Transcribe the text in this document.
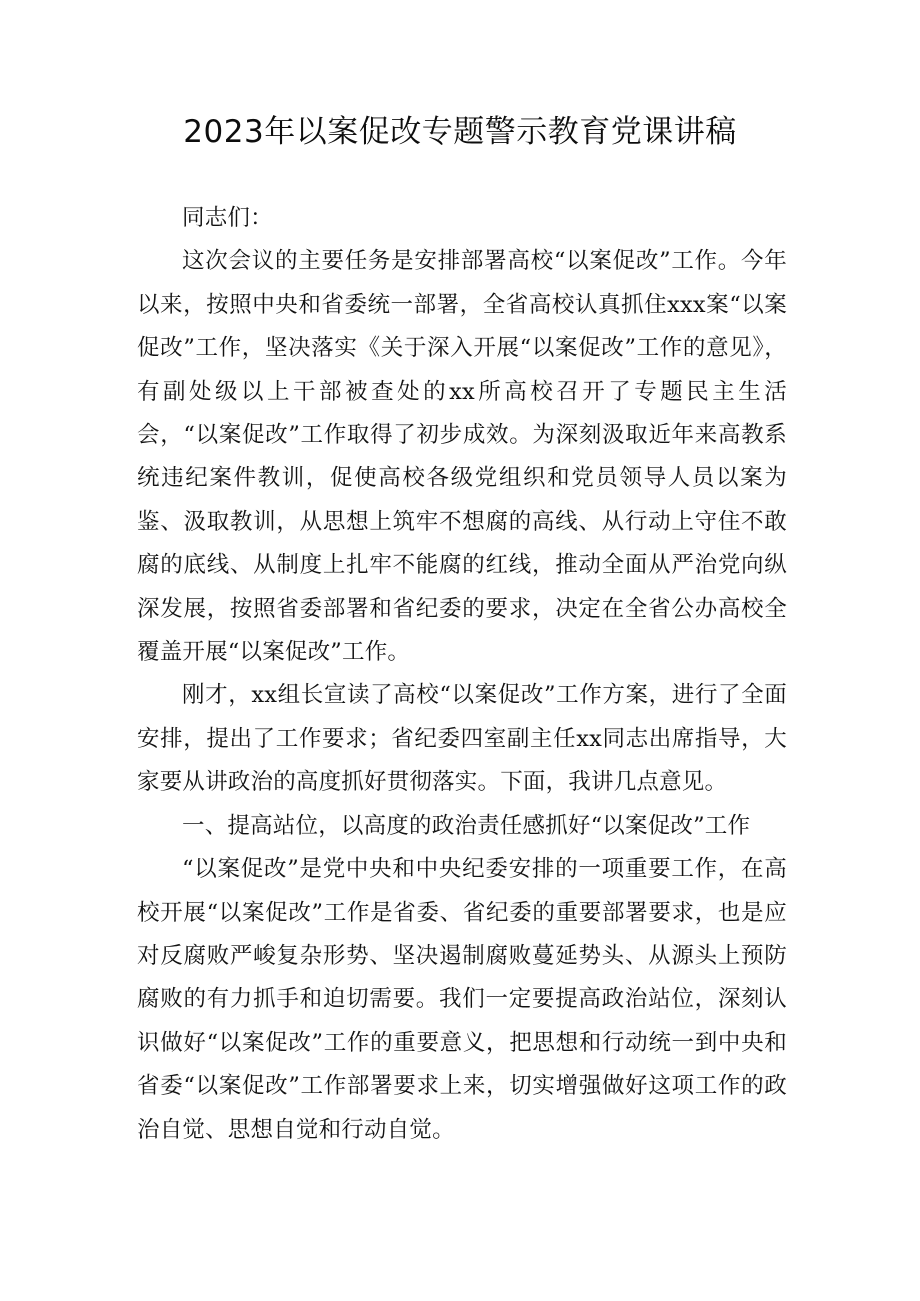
2023年以案促改专题警示教育党课讲稿

同志们：

这次会议的主要任务是安排部署高校“以案促改”工作。今年以来，按照中央和省委统一部署，全省高校认真抓住xxx案“以案促改”工作，坚决落实《关于深入开展“以案促改”工作的意见》，有副处级以上干部被查处的xx所高校召开了专题民主生活会，“以案促改”工作取得了初步成效。为深刻汲取近年来高教系统违纪案件教训，促使高校各级党组织和党员领导人员以案为鉴、汲取教训，从思想上筑牢不想腐的高线、从行动上守住不敢腐的底线、从制度上扎牢不能腐的红线，推动全面从严治党向纵深发展，按照省委部署和省纪委的要求，决定在全省公办高校全覆盖开展“以案促改”工作。

刚才，xx组长宣读了高校“以案促改”工作方案，进行了全面安排，提出了工作要求；省纪委四室副主任xx同志出席指导，大家要从讲政治的高度抓好贯彻落实。下面，我讲几点意见。

一、提高站位，以高度的政治责任感抓好“以案促改”工作

“以案促改”是党中央和中央纪委安排的一项重要工作，在高校开展“以案促改”工作是省委、省纪委的重要部署要求，也是应对反腐败严峻复杂形势、坚决遏制腐败蔓延势头、从源头上预防腐败的有力抓手和迫切需要。我们一定要提高政治站位，深刻认识做好“以案促改”工作的重要意义，把思想和行动统一到中央和省委“以案促改”工作部署要求上来，切实增强做好这项工作的政治自觉、思想自觉和行动自觉。
